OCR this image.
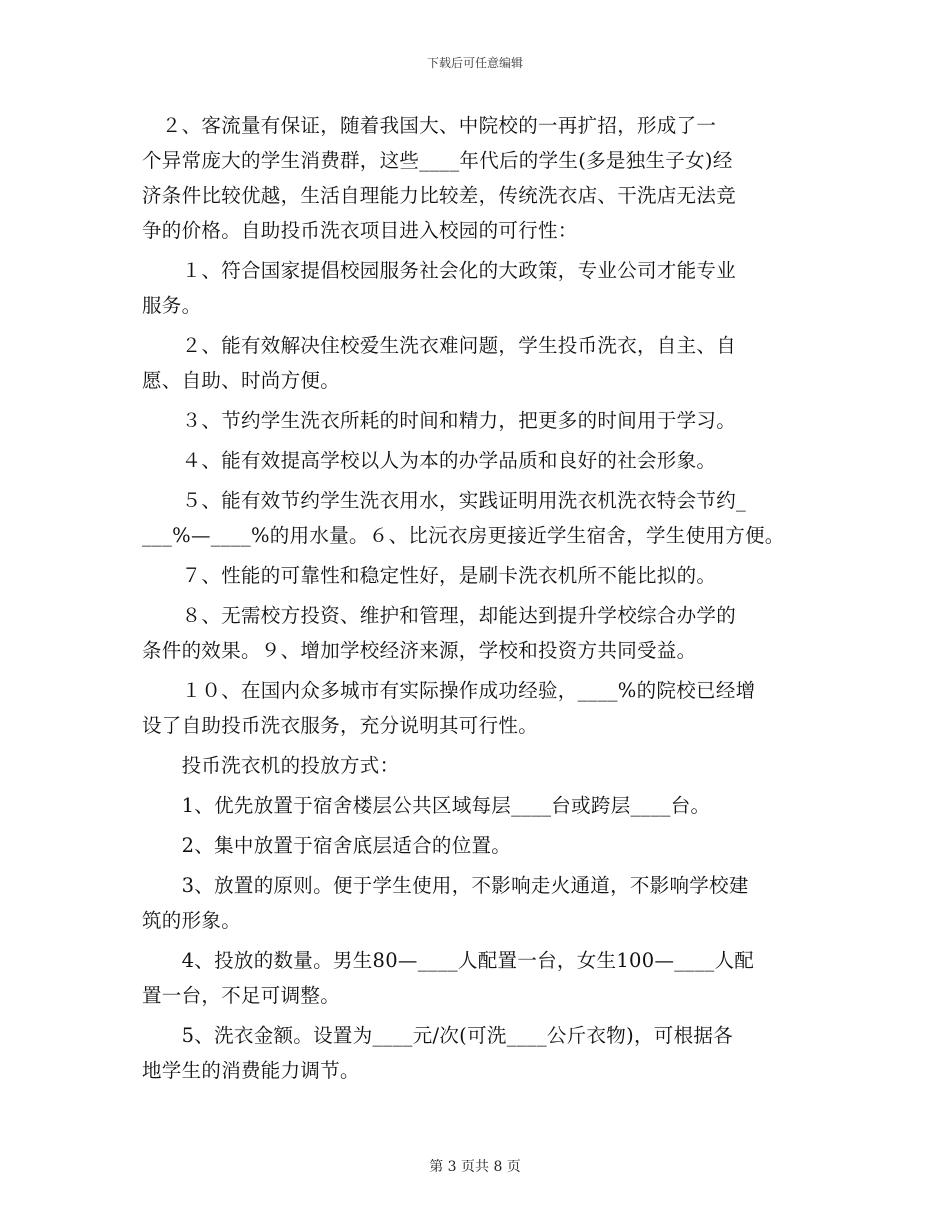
下载后可任意编辑
　２、客流量有保证，随着我国大、中院校的一再扩招，形成了一
个异常庞大的学生消费群，这些____年代后的学生(多是独生子女)经
济条件比较优越，生活自理能力比较差，传统洗衣店、干洗店无法竞
争的价格。自助投币洗衣项目进入校园的可行性：
　　１、符合国家提倡校园服务社会化的大政策，专业公司才能专业
服务。
　　２、能有效解决住校爱生洗衣难问题，学生投币洗衣，自主、自
愿、自助、时尚方便。
　　３、节约学生洗衣所耗的时间和精力，把更多的时间用于学习。
　　４、能有效提高学校以人为本的办学品质和良好的社会形象。
　　５、能有效节约学生洗衣用水，实践证明用洗衣机洗衣特会节约_
___%—____%的用水量。６、比沅衣房更接近学生宿舍，学生使用方便。
　　７、性能的可靠性和稳定性好，是刷卡洗衣机所不能比拟的。
　　８、无需校方投资、维护和管理，却能达到提升学校综合办学的
条件的效果。９、增加学校经济来源，学校和投资方共同受益。
　　１０、在国内众多城市有实际操作成功经验，____%的院校已经增
设了自助投币洗衣服务，充分说明其可行性。
　　投币洗衣机的投放方式：
　　1、优先放置于宿舍楼层公共区域每层____台或跨层____台。
　　2、集中放置于宿舍底层适合的位置。
　　3、放置的原则。便于学生使用，不影响走火通道，不影响学校建
筑的形象。
　　4、投放的数量。男生80—____人配置一台，女生100—____人配
置一台，不足可调整。
　　5、洗衣金额。设置为____元/次(可洗____公斤衣物)，可根据各
地学生的消费能力调节。
第 3 页共 8 页
